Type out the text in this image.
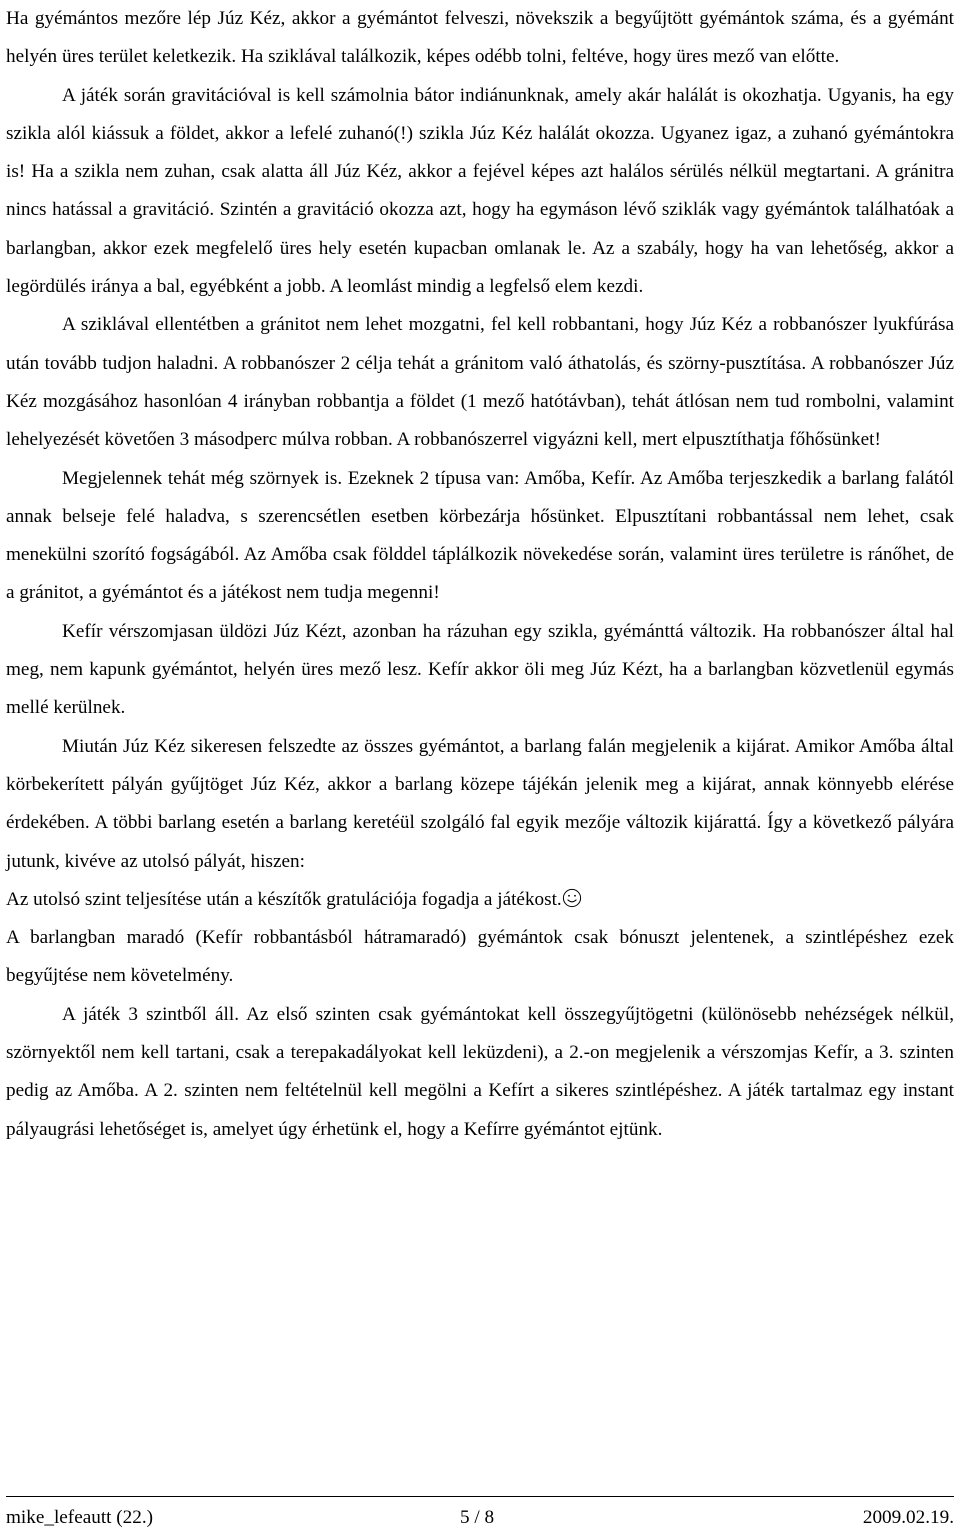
Ha gyémántos mezőre lép Júz Kéz, akkor a gyémántot felveszi, növekszik a begyűjtött gyémántok száma, és a gyémánt helyén üres terület keletkezik. Ha sziklával találkozik, képes odébb tolni, feltéve, hogy üres mező van előtte.

A játék során gravitációval is kell számolnia bátor indiánunknak, amely akár halálát is okozhatja. Ugyanis, ha egy szikla alól kiássuk a földet, akkor a lefelé zuhanó(!) szikla Júz Kéz halálát okozza. Ugyanez igaz, a zuhanó gyémántokra is! Ha a szikla nem zuhan, csak alatta áll Júz Kéz, akkor a fejével képes azt halálos sérülés nélkül megtartani. A gránitra nincs hatással a gravitáció. Szintén a gravitáció okozza azt, hogy ha egymáson lévő sziklák vagy gyémántok találhatóak a barlangban, akkor ezek megfelelő üres hely esetén kupacban omlanak le. Az a szabály, hogy ha van lehetőség, akkor a legördülés iránya a bal, egyébként a jobb. A leomlást mindig a legfelső elem kezdi.

A sziklával ellentétben a gránitot nem lehet mozgatni, fel kell robbantani, hogy Júz Kéz a robbanószer lyukfúrása után tovább tudjon haladni. A robbanószer 2 célja tehát a gránitom való áthatolás, és szörny-pusztítása. A robbanószer Júz Kéz mozgásához hasonlóan 4 irányban robbantja a földet (1 mező hatótávban), tehát átlósan nem tud rombolni, valamint lehelyezését követően 3 másodperc múlva robban. A robbanószerrel vigyázni kell, mert elpusztíthatja főhősünket!

Megjelennek tehát még szörnyek is. Ezeknek 2 típusa van: Amőba, Kefír. Az Amőba terjeszkedik a barlang falától annak belseje felé haladva, s szerencsétlen esetben körbezárja hősünket. Elpusztítani robbantással nem lehet, csak menekülni szorító fogságából. Az Amőba csak földdel táplálkozik növekedése során, valamint üres területre is ránőhet, de a gránitot, a gyémántot és a játékost nem tudja megenni!

Kefír vérszomjasan üldözi Júz Kézt, azonban ha rázuhan egy szikla, gyémánttá változik. Ha robbanószer által hal meg, nem kapunk gyémántot, helyén üres mező lesz. Kefír akkor öli meg Júz Kézt, ha a barlangban közvetlenül egymás mellé kerülnek.

Miután Júz Kéz sikeresen felszedte az összes gyémántot, a barlang falán megjelenik a kijárat. Amikor Amőba által körbekerített pályán gyűjtöget Júz Kéz, akkor a barlang közepe tájékán jelenik meg a kijárat, annak könnyebb elérése érdekében. A többi barlang esetén a barlang keretéül szolgáló fal egyik mezője változik kijárattá. Így a következő pályára jutunk, kivéve az utolsó pályát, hiszen:

Az utolsó szint teljesítése után a készítők gratulációja fogadja a játékost.

A barlangban maradó (Kefír robbantásból hátramaradó) gyémántok csak bónuszt jelentenek, a szintlépéshez ezek begyűjtése nem követelmény.

A játék 3 szintből áll. Az első szinten csak gyémántokat kell összegyűjtögetni (különösebb nehézségek nélkül, szörnyektől nem kell tartani, csak a terepakadályokat kell leküzdeni), a 2.-on megjelenik a vérszomjas Kefír, a 3. szinten pedig az Amőba. A 2. szinten nem feltételnül kell megölni a Kefírt a sikeres szintlépéshez. A játék tartalmaz egy instant pályaugrási lehetőséget is, amelyet úgy érhetünk el, hogy a Kefírre gyémántot ejtünk.

mike_lefeautt (22.)	5 / 8	2009.02.19.
